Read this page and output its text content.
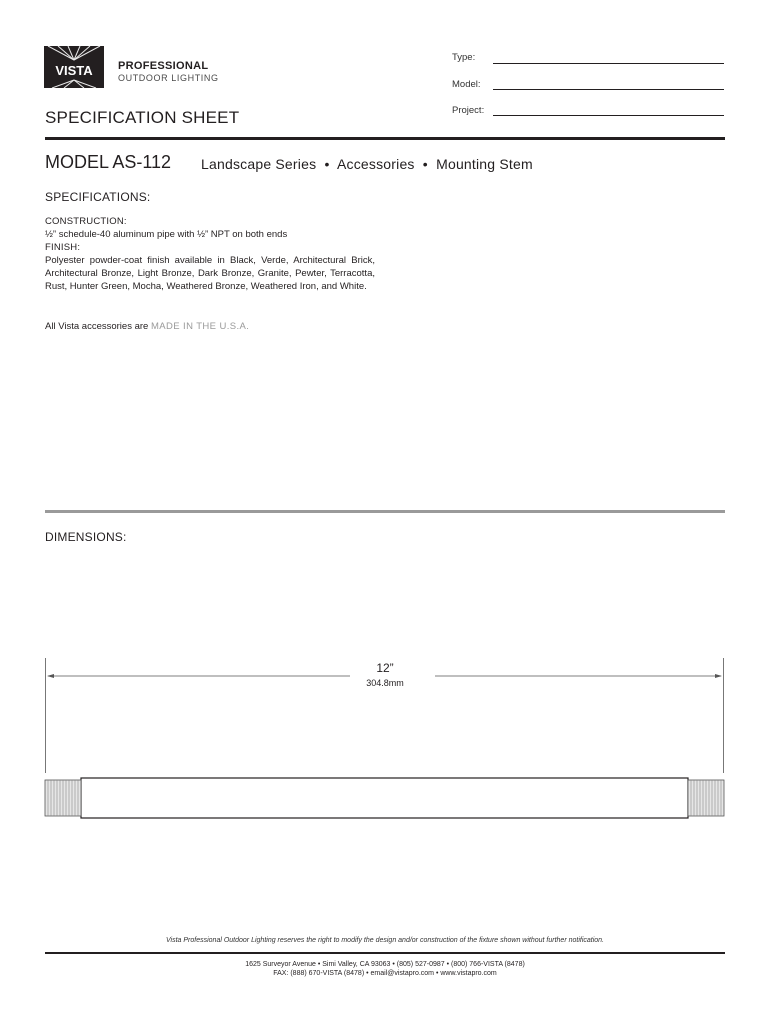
VISTA PROFESSIONAL
OUTDOOR LIGHTING
Type:
Model:
Project:
SPECIFICATION SHEET
MODEL AS-112 Landscape Series  •  Accessories  •  Mounting Stem
SPECIFICATIONS:
CONSTRUCTION:
½” schedule-40 aluminum pipe with ½” NPT on both ends
FINISH:
Polyester powder-coat finish available in Black, Verde, Architectural Brick, Architectural Bronze, Light Bronze, Dark Bronze, Granite, Pewter, Terracotta, Rust, Hunter Green, Mocha, Weathered Bronze, Weathered Iron, and White.
All Vista accessories are MADE IN THE U.S.A.
DIMENSIONS:
12”
304.8mm
Vista Professional Outdoor Lighting reserves the right to modify the design and/or construction of the fixture shown without further notification.
1625 Surveyor Avenue • Simi Valley, CA 93063 • (805) 527-0987 • (800) 766-VISTA (8478)
FAX: (888) 670-VISTA (8478) • email@vistapro.com • www.vistapro.com
